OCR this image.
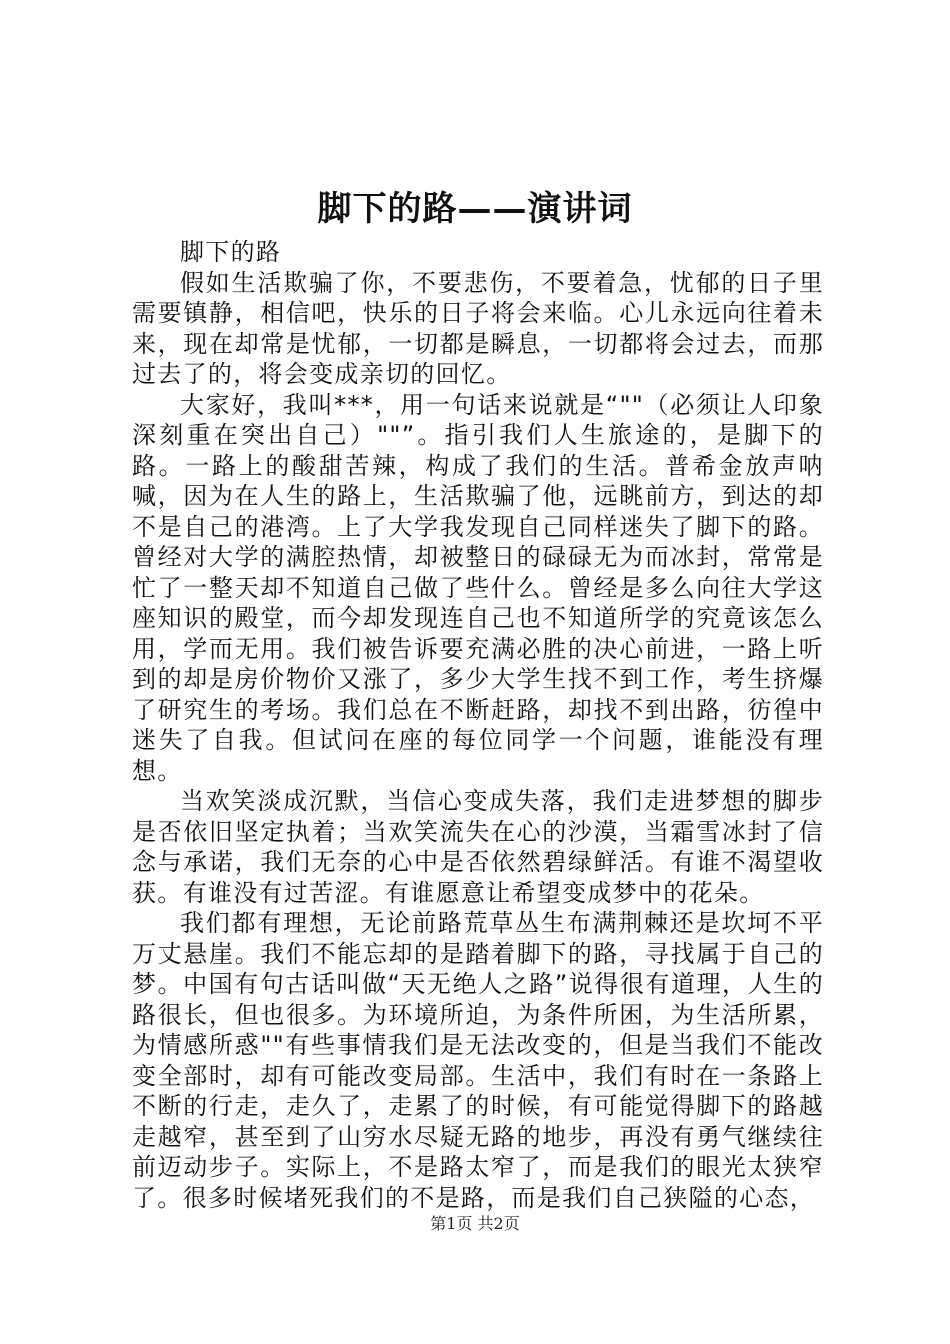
脚下的路——演讲词
脚下的路

假如生活欺骗了你，不要悲伤，不要着急，忧郁的日子里需要镇静，相信吧，快乐的日子将会来临。心儿永远向往着未来，现在却常是忧郁，一切都是瞬息，一切都将会过去，而那过去了的，将会变成亲切的回忆。

大家好，我叫***，用一句话来说就是“""（必须让人印象深刻重在突出自己）""”。指引我们人生旅途的，是脚下的路。一路上的酸甜苦辣，构成了我们的生活。普希金放声呐喊，因为在人生的路上，生活欺骗了他，远眺前方，到达的却不是自己的港湾。上了大学我发现自己同样迷失了脚下的路。曾经对大学的满腔热情，却被整日的碌碌无为而冰封，常常是忙了一整天却不知道自己做了些什么。曾经是多么向往大学这座知识的殿堂，而今却发现连自己也不知道所学的究竟该怎么用，学而无用。我们被告诉要充满必胜的决心前进，一路上听到的却是房价物价又涨了，多少大学生找不到工作，考生挤爆了研究生的考场。我们总在不断赶路，却找不到出路，彷徨中迷失了自我。但试问在座的每位同学一个问题，谁能没有理想。

当欢笑淡成沉默，当信心变成失落，我们走进梦想的脚步是否依旧坚定执着；当欢笑流失在心的沙漠，当霜雪冰封了信念与承诺，我们无奈的心中是否依然碧绿鲜活。有谁不渴望收获。有谁没有过苦涩。有谁愿意让希望变成梦中的花朵。

我们都有理想，无论前路荒草丛生布满荆棘还是坎坷不平万丈悬崖。我们不能忘却的是踏着脚下的路，寻找属于自己的梦。中国有句古话叫做“天无绝人之路”说得很有道理，人生的路很长，但也很多。为环境所迫，为条件所困，为生活所累，为情感所惑""有些事情我们是无法改变的，但是当我们不能改变全部时，却有可能改变局部。生活中，我们有时在一条路上不断的行走，走久了，走累了的时候，有可能觉得脚下的路越走越窄，甚至到了山穷水尽疑无路的地步，再没有勇气继续往前迈动步子。实际上，不是路太窄了，而是我们的眼光太狭窄了。很多时候堵死我们的不是路，而是我们自己狭隘的心态，

第1页 共2页
